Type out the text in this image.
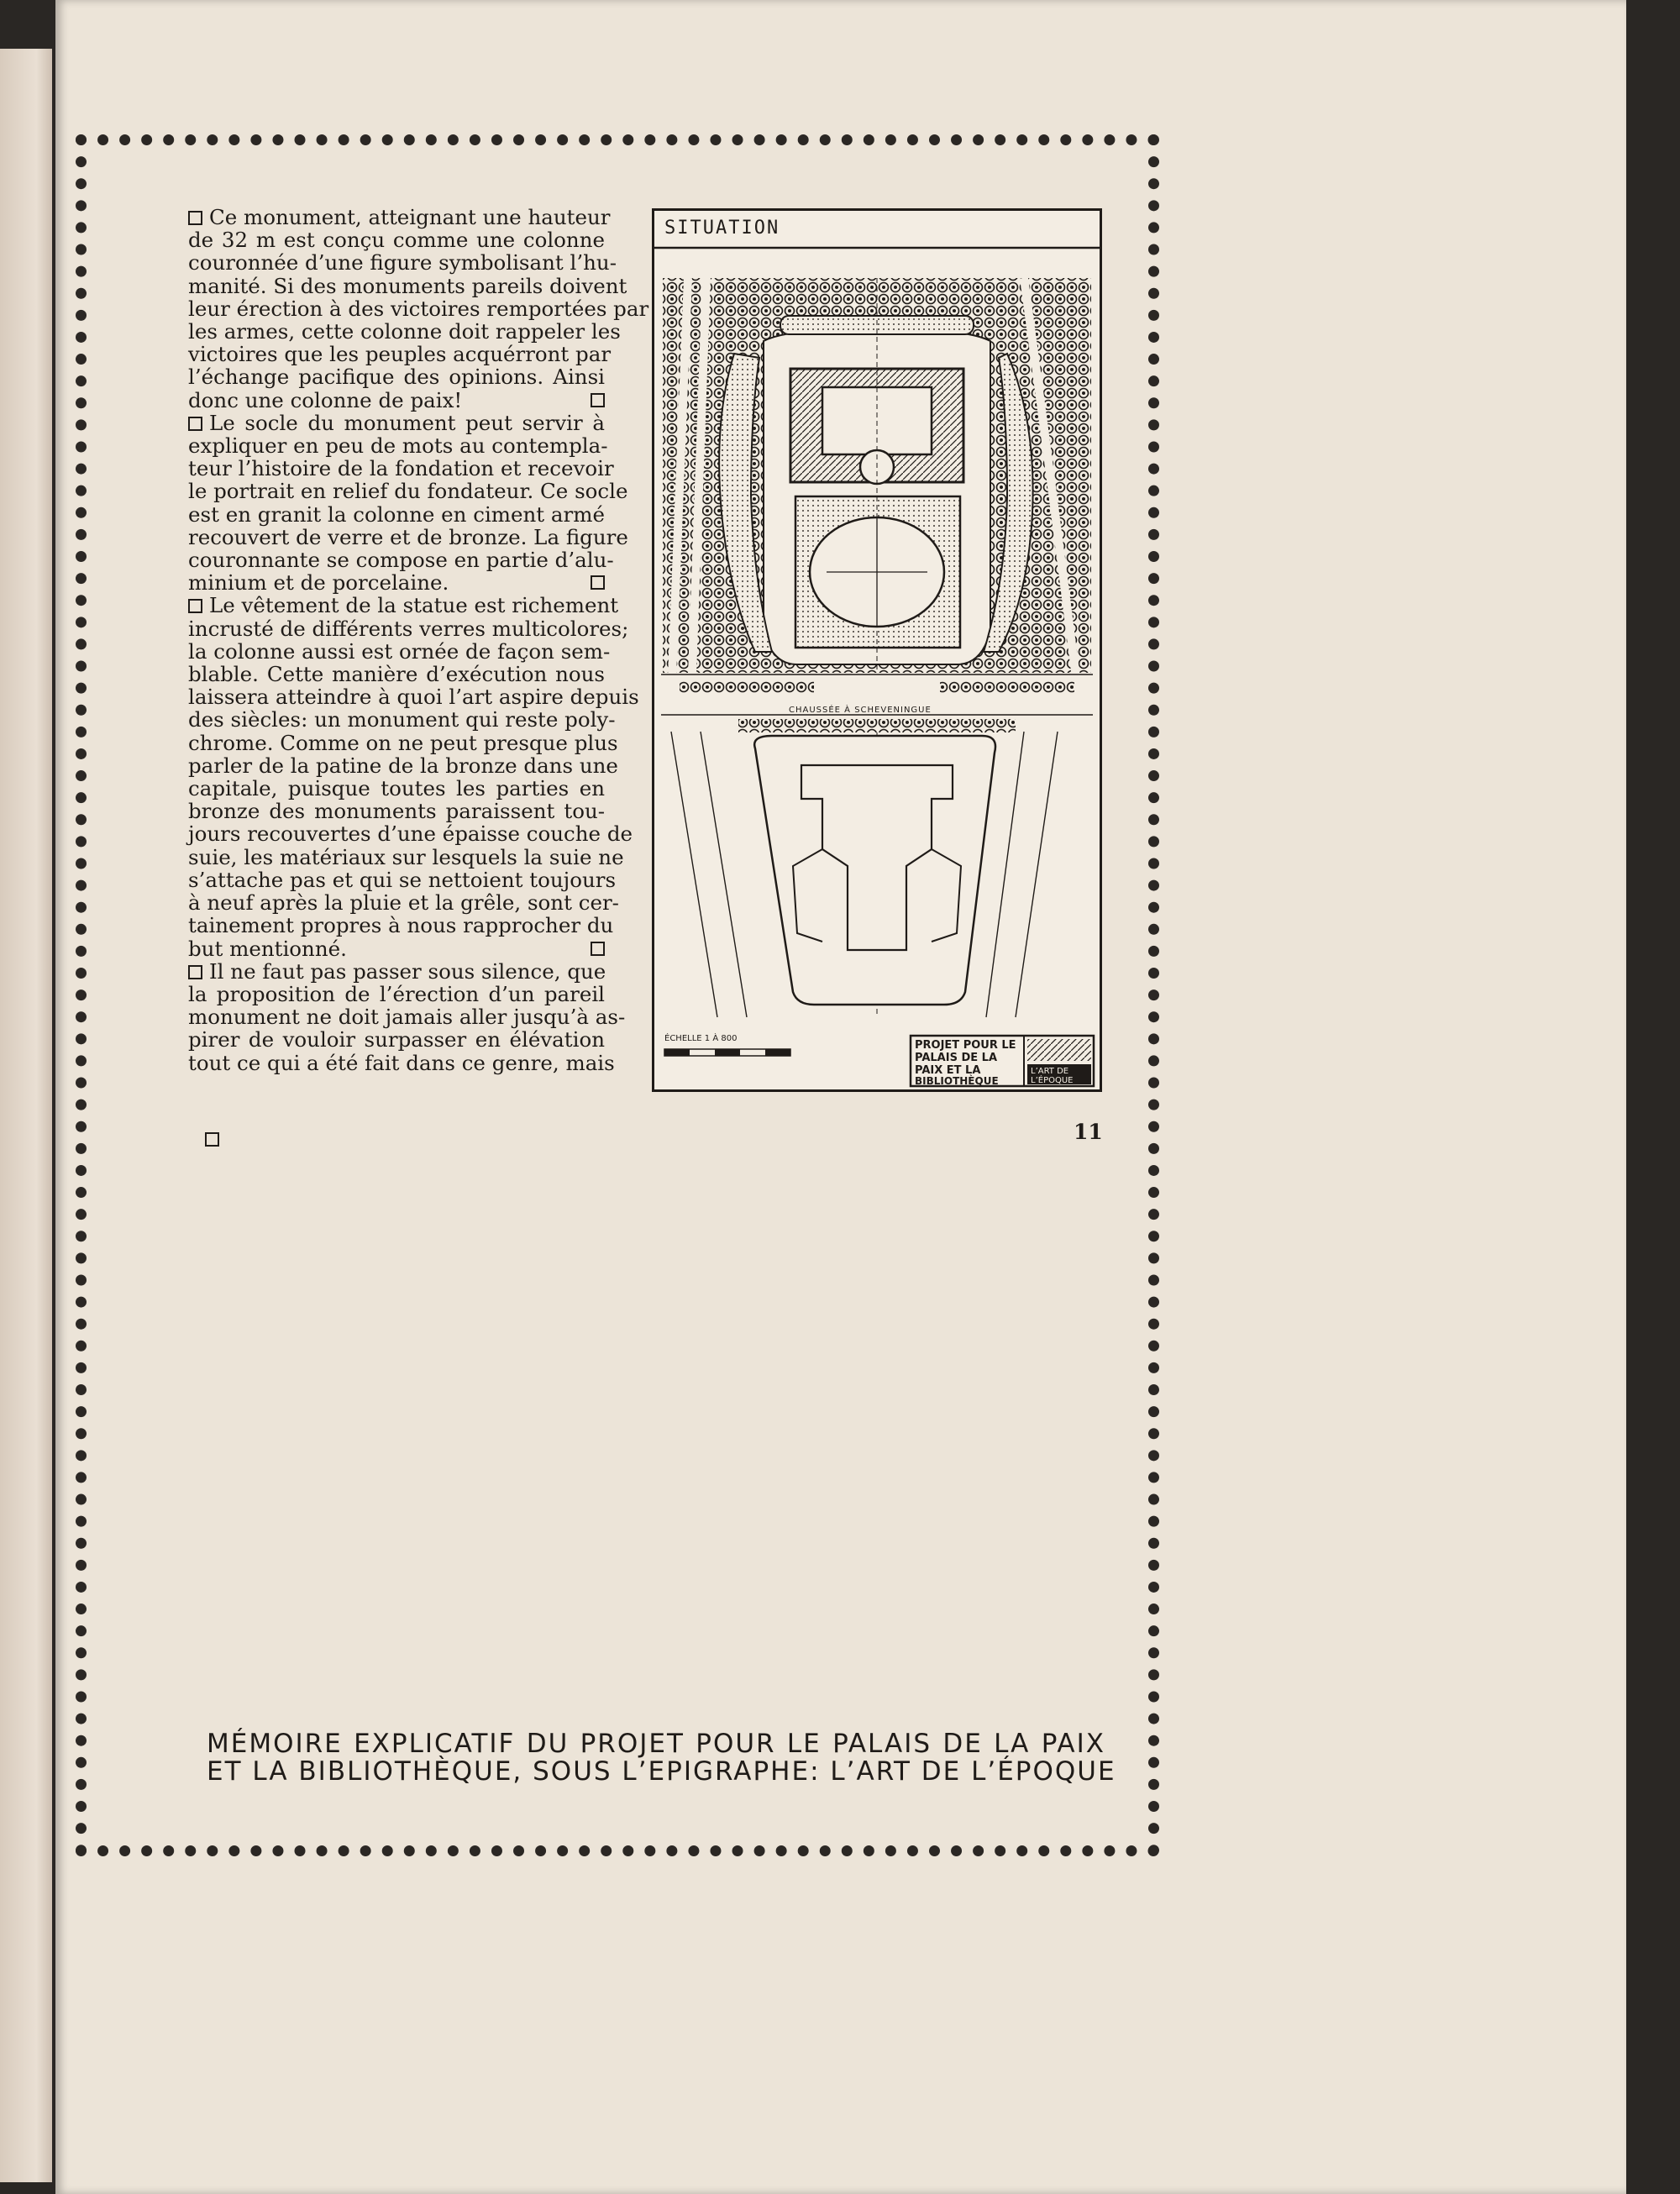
Ce monument, atteignant une hauteur
de 32 m est conçu comme une colonne
couronnée d’une figure symbolisant l’hu-
manité. Si des monuments pareils doivent
leur érection à des victoires remportées par
les armes, cette colonne doit rappeler les
victoires que les peuples acquérront par
l’échange pacifique des opinions. Ainsi
donc une colonne de paix!
Le socle du monument peut servir à
expliquer en peu de mots au contempla-
teur l’histoire de la fondation et recevoir
le portrait en relief du fondateur. Ce socle
est en granit la colonne en ciment armé
recouvert de verre et de bronze. La figure
couronnante se compose en partie d’alu-
minium et de porcelaine.
Le vêtement de la statue est richement
incrusté de différents verres multicolores;
la colonne aussi est ornée de façon sem-
blable. Cette manière d’exécution nous
laissera atteindre à quoi l’art aspire depuis
des siècles: un monument qui reste poly-
chrome. Comme on ne peut presque plus
parler de la patine de la bronze dans une
capitale, puisque toutes les parties en
bronze des monuments paraissent tou-
jours recouvertes d’une épaisse couche de
suie, les matériaux sur lesquels la suie ne
s’attache pas et qui se nettoient toujours
à neuf après la pluie et la grêle, sont cer-
tainement propres à nous rapprocher du
but mentionné.
Il ne faut pas passer sous silence, que
la proposition de l’érection d’un pareil
monument ne doit jamais aller jusqu’à as-
pirer de vouloir surpasser en élévation
tout ce qui a été fait dans ce genre, mais
CHAUSSÉE À SCHEVENINGUE
ÉCHELLE 1 À 800
PROJET POUR LE
PALAIS DE LA
PAIX ET LA
BIBLIOTHÈQUE
L’ART DE
L’ÉPOQUE
SITUATION
11
MÉMOIRE EXPLICATIF DU PROJET POUR LE PALAIS DE LA PAIX
ET LA BIBLIOTHÈQUE, SOUS L’EPIGRAPHE: L’ART DE L’ÉPOQUE
